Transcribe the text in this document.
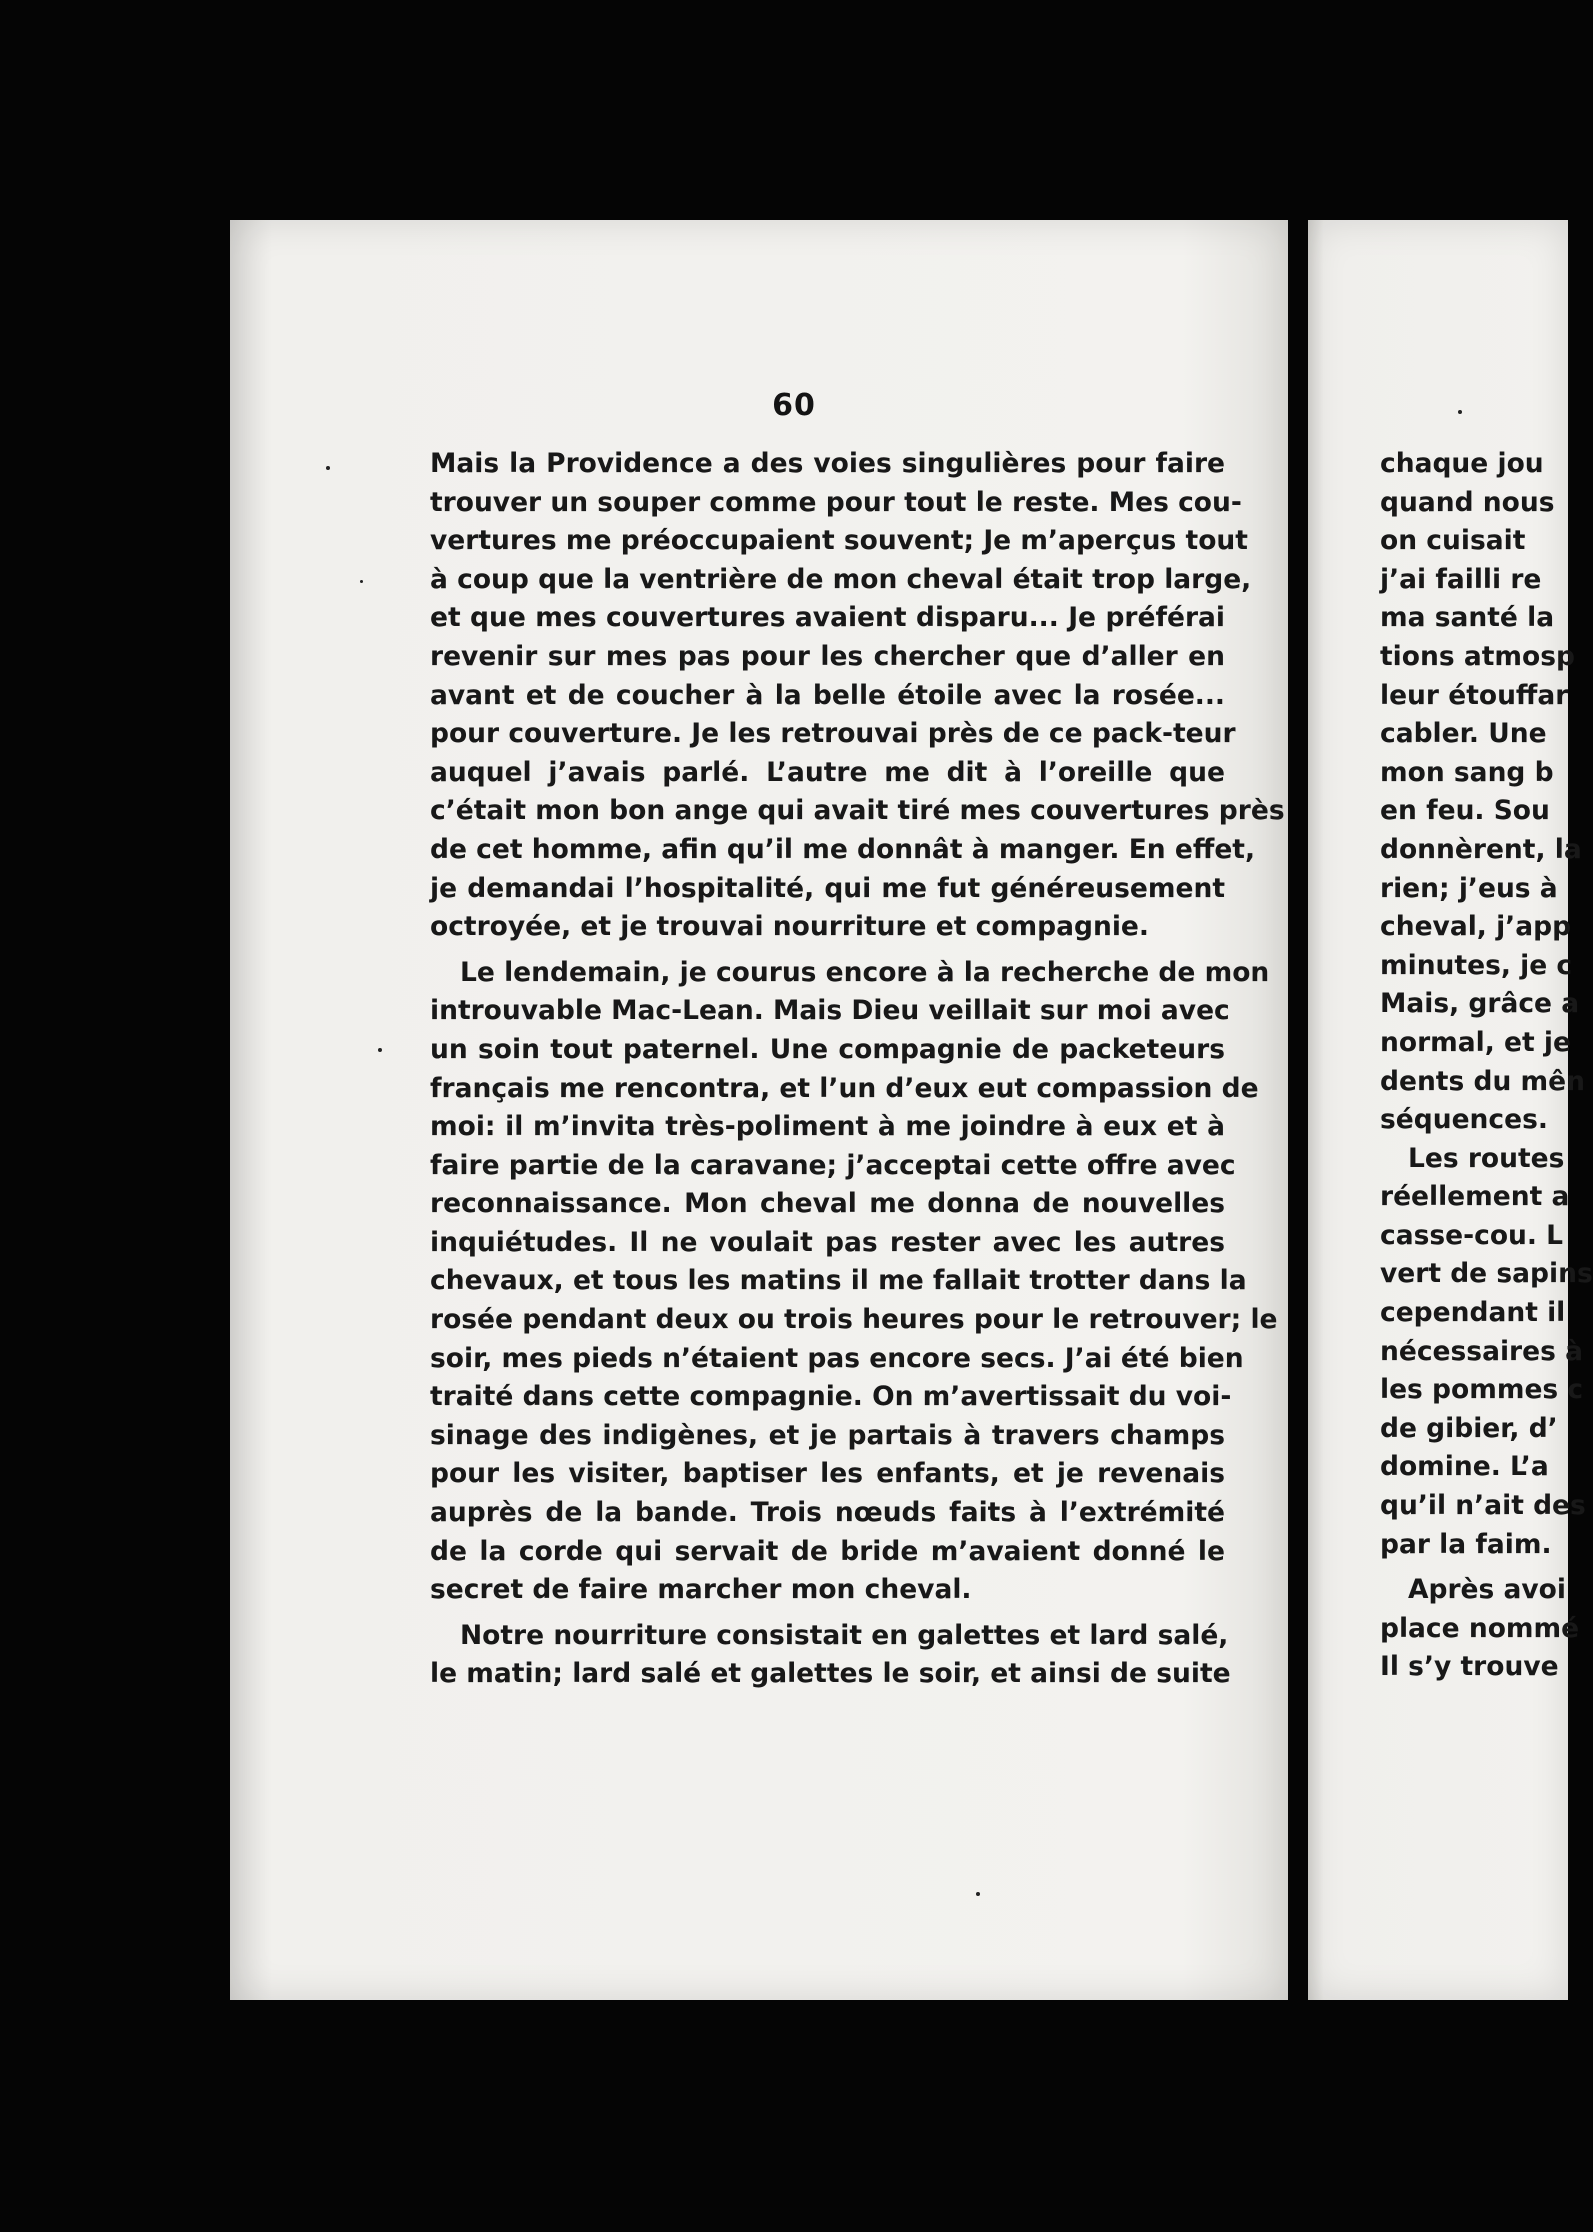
60
Mais la Providence a des voies singulières pour faire
trouver un souper comme pour tout le reste. Mes cou-
vertures me préoccupaient souvent; Je m’aperçus tout
à coup que la ventrière de mon cheval était trop large,
et que mes couvertures avaient disparu... Je préférai
revenir sur mes pas pour les chercher que d’aller en
avant et de coucher à la belle étoile avec la rosée...
pour couverture. Je les retrouvai près de ce pack-teur
auquel j’avais parlé. L’autre me dit à l’oreille que
c’était mon bon ange qui avait tiré mes couvertures près
de cet homme, afin qu’il me donnât à manger. En effet,
je demandai l’hospitalité, qui me fut généreusement
octroyée, et je trouvai nourriture et compagnie.
Le lendemain, je courus encore à la recherche de mon
introuvable Mac-Lean. Mais Dieu veillait sur moi avec
un soin tout paternel. Une compagnie de packeteurs
français me rencontra, et l’un d’eux eut compassion de
moi: il m’invita très-poliment à me joindre à eux et à
faire partie de la caravane; j’acceptai cette offre avec
reconnaissance. Mon cheval me donna de nouvelles
inquiétudes. Il ne voulait pas rester avec les autres
chevaux, et tous les matins il me fallait trotter dans la
rosée pendant deux ou trois heures pour le retrouver; le
soir, mes pieds n’étaient pas encore secs. J’ai été bien
traité dans cette compagnie. On m’avertissait du voi-
sinage des indigènes, et je partais à travers champs
pour les visiter, baptiser les enfants, et je revenais
auprès de la bande. Trois nœuds faits à l’extrémité
de la corde qui servait de bride m’avaient donné le
secret de faire marcher mon cheval.
Notre nourriture consistait en galettes et lard salé,
le matin; lard salé et galettes le soir, et ainsi de suite
chaque jou
quand nous
on cuisait
j’ai failli re
ma santé la
tions atmosp
leur étouffar
cabler. Une
mon sang b
en feu. Sou
donnèrent, la
rien; j’eus à
cheval, j’app
minutes, je c
Mais, grâce a
normal, et je
dents du mên
séquences.
Les routes
réellement a
casse-cou. L
vert de sapins
cependant il
nécessaires à
les pommes c
de gibier, d’
domine. L’a
qu’il n’ait des
par la faim.
Après avoi
place nommé
Il s’y trouve
